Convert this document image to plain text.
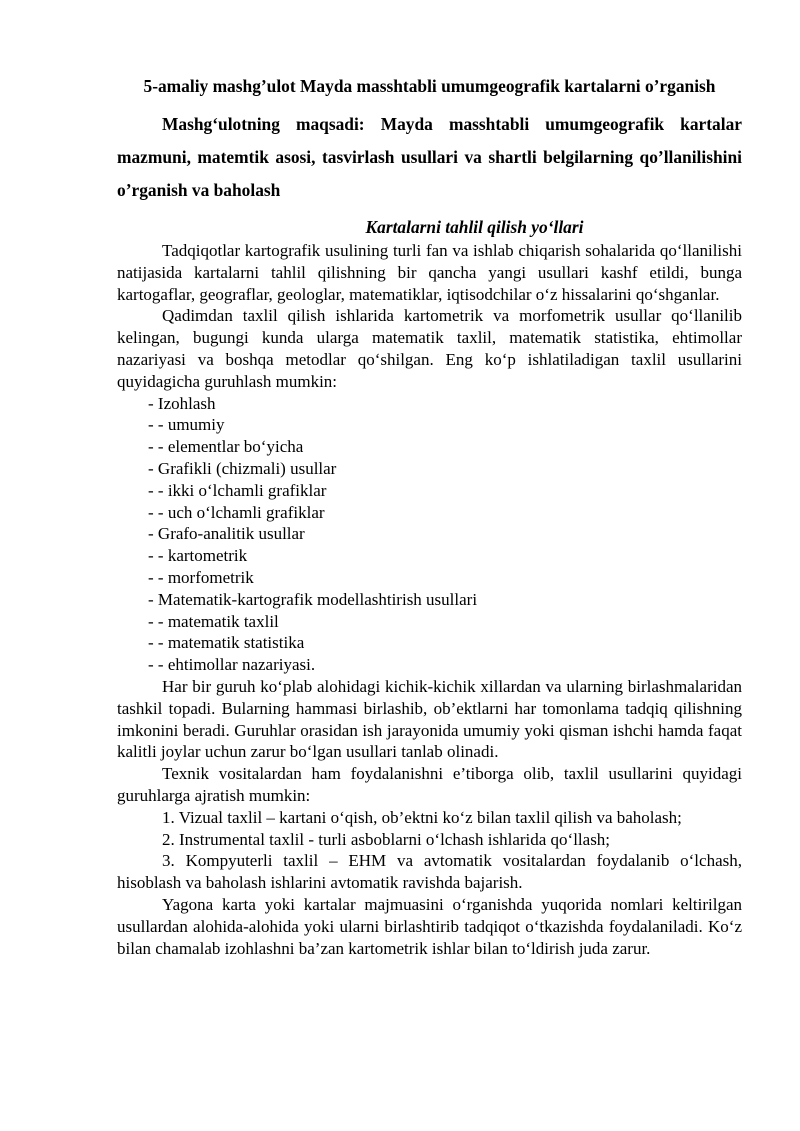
5-amaliy mashg’ulot Mayda masshtabli umumgeografik kartalarni o’rganish

Mashg‘ulotning maqsadi: Mayda masshtabli umumgeografik kartalar mazmuni, matemtik asosi, tasvirlash usullari va shartli belgilarning qo’llanilishini o’rganish va baholash

Kartalarni tahlil qilish yo‘llari

Tadqiqotlar kartografik usulining turli fan va ishlab chiqarish sohalarida qo‘llanilishi natijasida kartalarni tahlil qilishning bir qancha yangi usullari kashf etildi, bunga kartogaflar, geograflar, geologlar, matematiklar, iqtisodchilar o‘z hissalarini qo‘shganlar.

Qadimdan taxlil qilish ishlarida kartometrik va morfometrik usullar qo‘llanilib kelingan, bugungi kunda ularga matematik taxlil, matematik statistika, ehtimollar nazariyasi va boshqa metodlar qo‘shilgan. Eng ko‘p ishlatiladigan taxlil usullarini quyidagicha guruhlash mumkin:

- Izohlash
- - umumiy
- - elementlar bo‘yicha
- Grafikli (chizmali) usullar
- - ikki o‘lchamli grafiklar
- - uch o‘lchamli grafiklar
- Grafo-analitik usullar
- - kartometrik
- - morfometrik
- Matematik-kartografik modellashtirish usullari
- - matematik taxlil
- - matematik statistika
- - ehtimollar nazariyasi.

Har bir guruh ko‘plab alohidagi kichik-kichik xillardan va ularning birlashmalaridan tashkil topadi. Bularning hammasi birlashib, ob’ektlarni har tomonlama tadqiq qilishning imkonini beradi. Guruhlar orasidan ish jarayonida umumiy yoki qisman ishchi hamda faqat kalitli joylar uchun zarur bo‘lgan usullari tanlab olinadi.

Texnik vositalardan ham foydalanishni e’tiborga olib, taxlil usullarini quyidagi guruhlarga ajratish mumkin:

1. Vizual taxlil – kartani o‘qish, ob’ektni ko‘z bilan taxlil qilish va baholash;

2. Instrumental taxlil - turli asboblarni o‘lchash ishlarida qo‘llash;

3. Kompyuterli taxlil – EHM va avtomatik vositalardan foydalanib o‘lchash, hisoblash va baholash ishlarini avtomatik ravishda bajarish.

Yagona karta yoki kartalar majmuasini o‘rganishda yuqorida nomlari keltirilgan usullardan alohida-alohida yoki ularni birlashtirib tadqiqot o‘tkazishda foydalaniladi. Ko‘z bilan chamalab izohlashni ba’zan kartometrik ishlar bilan to‘ldirish juda zarur.
